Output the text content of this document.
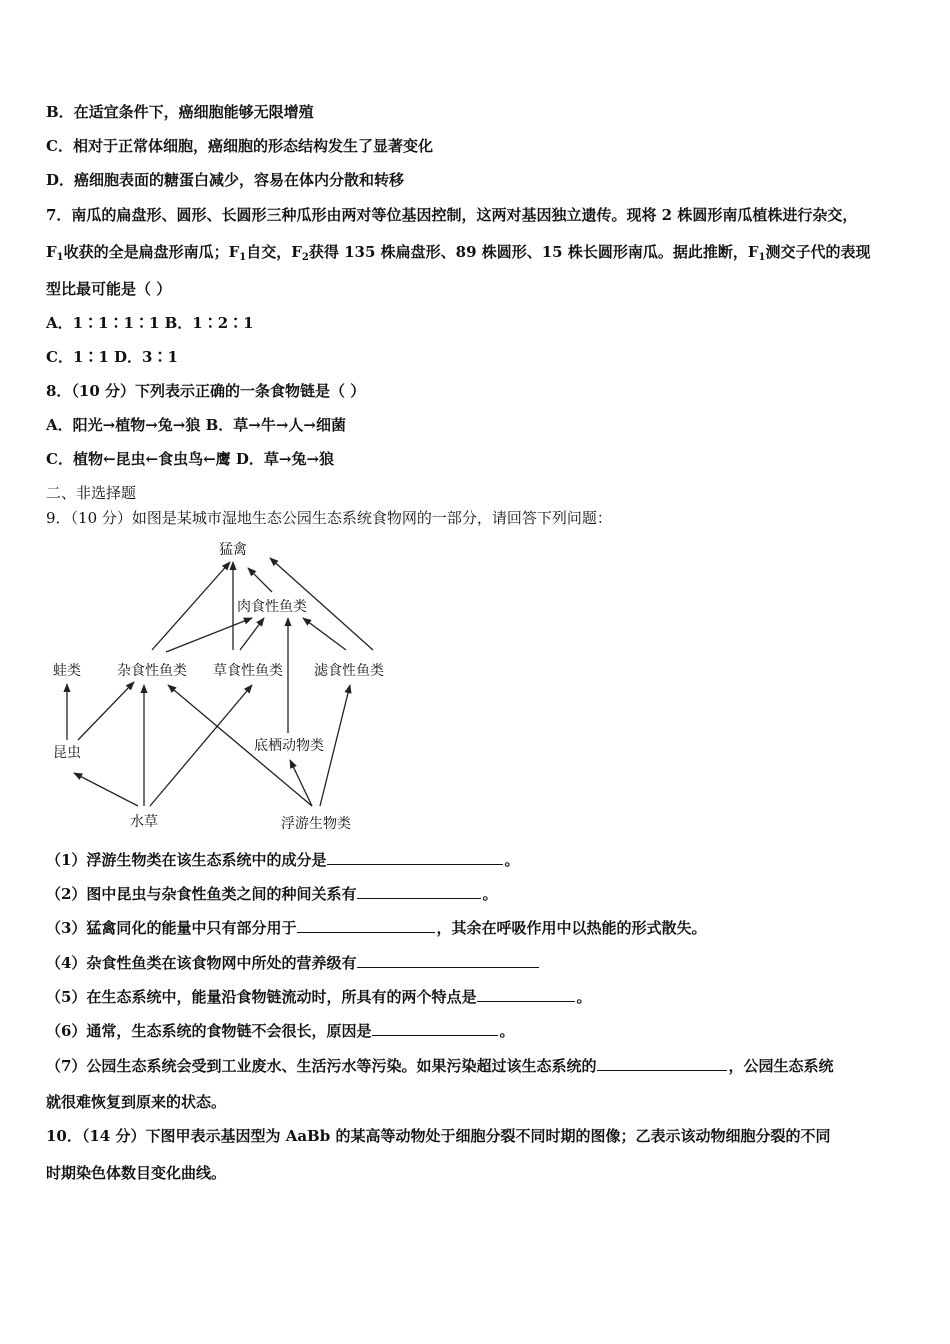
B．在适宜条件下，癌细胞能够无限增殖
C．相对于正常体细胞，癌细胞的形态结构发生了显著变化
D．癌细胞表面的糖蛋白减少，容易在体内分散和转移
7．南瓜的扁盘形、圆形、长圆形三种瓜形由两对等位基因控制，这两对基因独立遗传。现将 2 株圆形南瓜植株进行杂交，
$F_1$收获的全是扁盘形南瓜；$F_1$自交，$F_2$获得 135 株扁盘形、89 株圆形、15 株长圆形南瓜。据此推断，$F_1$测交子代的表现
型比最可能是（ ）
A．1∶1∶1∶1 B．1∶2∶1
C．1∶1 D．3∶1
8．（10 分）下列表示正确的一条食物链是（ ）
A．阳光→植物→兔→狼 B．草→牛→人→细菌
C．植物←昆虫←食虫鸟←鹰 D．草→兔→狼
二、非选择题
9．（10 分）如图是某城市湿地生态公园生态系统食物网的一部分，请回答下列问题：
猛禽
肉食性鱼类
蛙类	杂食性鱼类 草食性鱼类 滤食性鱼类
昆虫	底栖动物类
水草	浮游生物类
（1）浮游生物类在该生态系统中的成分是	。
（2）图中昆虫与杂食性鱼类之间的种间关系有	。
（3）猛禽同化的能量中只有部分用于	，其余在呼吸作用中以热能的形式散失。
（4）杂食性鱼类在该食物网中所处的营养级有
（5）在生态系统中，能量沿食物链流动时，所具有的两个特点是	。
（6）通常，生态系统的食物链不会很长，原因是	。
（7）公园生态系统会受到工业废水、生活污水等污染。如果污染超过该生态系统的	，公园生态系统
就很难恢复到原来的状态。
10．（14 分）下图甲表示基因型为 AaBb 的某高等动物处于细胞分裂不同时期的图像；乙表示该动物细胞分裂的不同
时期染色体数目变化曲线。
